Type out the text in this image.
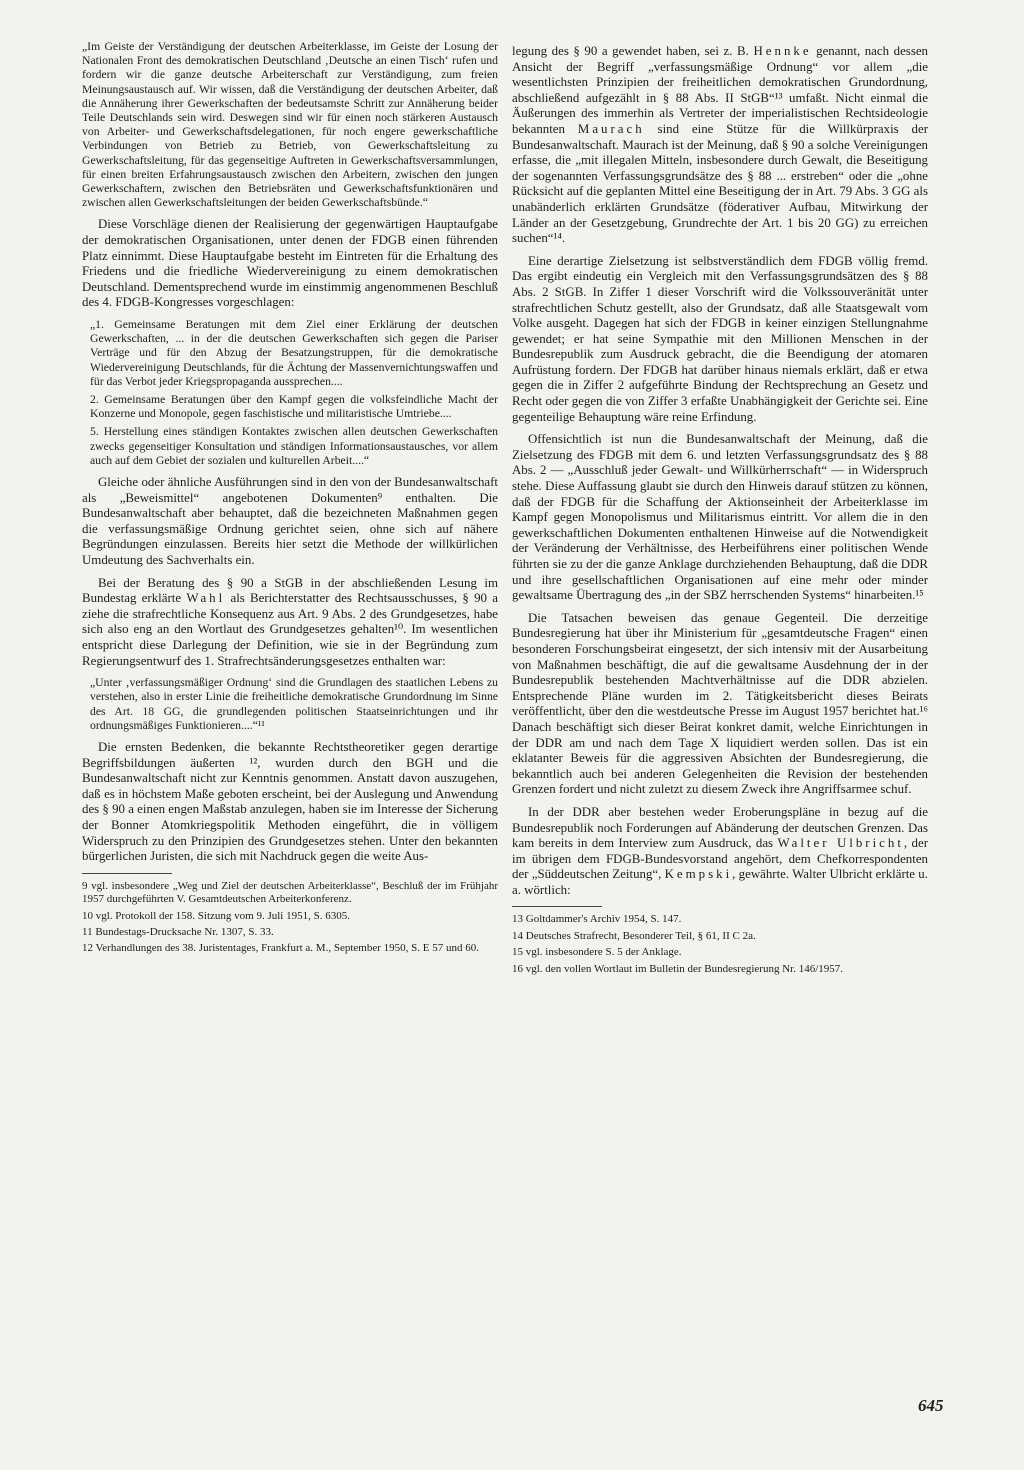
„Im Geiste der Verständigung der deutschen Arbeiterklasse, im Geiste der Losung der Nationalen Front des demokratischen Deutschland ‚Deutsche an einen Tisch‘ rufen und fordern wir die ganze deutsche Arbeiterschaft zur Verständigung, zum freien Meinungsaustausch auf. Wir wissen, daß die Verständigung der deutschen Arbeiter, daß die Annäherung ihrer Gewerkschaften der bedeutsamste Schritt zur Annäherung beider Teile Deutschlands sein wird. Deswegen sind wir für einen noch stärkeren Austausch von Arbeiter- und Gewerkschaftsdelegationen, für noch engere gewerkschaftliche Verbindungen von Betrieb zu Betrieb, von Gewerkschaftsleitung zu Gewerkschaftsleitung, für das gegenseitige Auftreten in Gewerkschaftsversammlungen, für einen breiten Erfahrungsaustausch zwischen den Arbeitern, zwischen den jungen Gewerkschaftern, zwischen den Betriebsräten und Gewerkschaftsfunktionären und zwischen allen Gewerkschaftsleitungen der beiden Gewerkschaftsbünde.“

Diese Vorschläge dienen der Realisierung der gegenwärtigen Hauptaufgabe der demokratischen Organisationen, unter denen der FDGB einen führenden Platz einnimmt. Diese Hauptaufgabe besteht im Eintreten für die Erhaltung des Friedens und die friedliche Wiedervereinigung zu einem demokratischen Deutschland. Dementsprechend wurde im einstimmig angenommenen Beschluß des 4. FDGB-Kongresses vorgeschlagen:

„1. Gemeinsame Beratungen mit dem Ziel einer Erklärung der deutschen Gewerkschaften, ... in der die deutschen Gewerkschaften sich gegen die Pariser Verträge und für den Abzug der Besatzungstruppen, für die demokratische Wiedervereinigung Deutschlands, für die Ächtung der Massenvernichtungswaffen und für das Verbot jeder Kriegspropaganda aussprechen....

2. Gemeinsame Beratungen über den Kampf gegen die volksfeindliche Macht der Konzerne und Monopole, gegen faschistische und militaristische Umtriebe....

5. Herstellung eines ständigen Kontaktes zwischen allen deutschen Gewerkschaften zwecks gegenseitiger Konsultation und ständigen Informationsaustausches, vor allem auch auf dem Gebiet der sozialen und kulturellen Arbeit....“

Gleiche oder ähnliche Ausführungen sind in den von der Bundesanwaltschaft als „Beweismittel“ angebotenen Dokumenten⁹ enthalten. Die Bundesanwaltschaft aber behauptet, daß die bezeichneten Maßnahmen gegen die verfassungsmäßige Ordnung gerichtet seien, ohne sich auf nähere Begründungen einzulassen. Bereits hier setzt die Methode der willkürlichen Umdeutung des Sachverhalts ein.

Bei der Beratung des § 90 a StGB in der abschließenden Lesung im Bundestag erklärte Wahl als Berichterstatter des Rechtsausschusses, § 90 a ziehe die strafrechtliche Konsequenz aus Art. 9 Abs. 2 des Grundgesetzes, habe sich also eng an den Wortlaut des Grundgesetzes gehalten¹⁰. Im wesentlichen entspricht diese Darlegung der Definition, wie sie in der Begründung zum Regierungsentwurf des 1. Strafrechtsänderungsgesetzes enthalten war:

„Unter ‚verfassungsmäßiger Ordnung‘ sind die Grundlagen des staatlichen Lebens zu verstehen, also in erster Linie die freiheitliche demokratische Grundordnung im Sinne des Art. 18 GG, die grundlegenden politischen Staatseinrichtungen und ihr ordnungsmäßiges Funktionieren....“¹¹

Die ernsten Bedenken, die bekannte Rechtstheoretiker gegen derartige Begriffsbildungen äußerten ¹², wurden durch den BGH und die Bundesanwaltschaft nicht zur Kenntnis genommen. Anstatt davon auszugehen, daß es in höchstem Maße geboten erscheint, bei der Auslegung und Anwendung des § 90 a einen engen Maßstab anzulegen, haben sie im Interesse der Sicherung der Bonner Atomkriegspolitik Methoden eingeführt, die in völligem Widerspruch zu den Prinzipien des Grundgesetzes stehen. Unter den bekannten bürgerlichen Juristen, die sich mit Nachdruck gegen die weite Aus-

9 vgl. insbesondere „Weg und Ziel der deutschen Arbeiterklasse“, Beschluß der im Frühjahr 1957 durchgeführten V. Gesamtdeutschen Arbeiterkonferenz.
10 vgl. Protokoll der 158. Sitzung vom 9. Juli 1951, S. 6305.
11 Bundestags-Drucksache Nr. 1307, S. 33.
12 Verhandlungen des 38. Juristentages, Frankfurt a. M., September 1950, S. E 57 und 60.

legung des § 90 a gewendet haben, sei z. B. Hennke genannt, nach dessen Ansicht der Begriff „verfassungsmäßige Ordnung“ vor allem „die wesentlichsten Prinzipien der freiheitlichen demokratischen Grundordnung, abschließend aufgezählt in § 88 Abs. II StGB“¹³ umfaßt. Nicht einmal die Äußerungen des immerhin als Vertreter der imperialistischen Rechtsideologie bekannten Maurach sind eine Stütze für die Willkürpraxis der Bundesanwaltschaft. Maurach ist der Meinung, daß § 90 a solche Vereinigungen erfasse, die „mit illegalen Mitteln, insbesondere durch Gewalt, die Beseitigung der sogenannten Verfassungsgrundsätze des § 88 ... erstreben“ oder die „ohne Rücksicht auf die geplanten Mittel eine Beseitigung der in Art. 79 Abs. 3 GG als unabänderlich erklärten Grundsätze (föderativer Aufbau, Mitwirkung der Länder an der Gesetzgebung, Grundrechte der Art. 1 bis 20 GG) zu erreichen suchen“¹⁴.

Eine derartige Zielsetzung ist selbstverständlich dem FDGB völlig fremd. Das ergibt eindeutig ein Vergleich mit den Verfassungsgrundsätzen des § 88 Abs. 2 StGB. In Ziffer 1 dieser Vorschrift wird die Volkssouveränität unter strafrechtlichen Schutz gestellt, also der Grundsatz, daß alle Staatsgewalt vom Volke ausgeht. Dagegen hat sich der FDGB in keiner einzigen Stellungnahme gewendet; er hat seine Sympathie mit den Millionen Menschen in der Bundesrepublik zum Ausdruck gebracht, die die Beendigung der atomaren Aufrüstung fordern. Der FDGB hat darüber hinaus niemals erklärt, daß er etwa gegen die in Ziffer 2 aufgeführte Bindung der Rechtsprechung an Gesetz und Recht oder gegen die von Ziffer 3 erfaßte Unabhängigkeit der Gerichte sei. Eine gegenteilige Behauptung wäre reine Erfindung.

Offensichtlich ist nun die Bundesanwaltschaft der Meinung, daß die Zielsetzung des FDGB mit dem 6. und letzten Verfassungsgrundsatz des § 88 Abs. 2 — „Ausschluß jeder Gewalt- und Willkürherrschaft“ — in Widerspruch stehe. Diese Auffassung glaubt sie durch den Hinweis darauf stützen zu können, daß der FDGB für die Schaffung der Aktionseinheit der Arbeiterklasse im Kampf gegen Monopolismus und Militarismus eintritt. Vor allem die in den gewerkschaftlichen Dokumenten enthaltenen Hinweise auf die Notwendigkeit der Veränderung der Verhältnisse, des Herbeiführens einer politischen Wende führten sie zu der die ganze Anklage durchziehenden Behauptung, daß die DDR und ihre gesellschaftlichen Organisationen auf eine mehr oder minder gewaltsame Übertragung des „in der SBZ herrschenden Systems“ hinarbeiten.¹⁵

Die Tatsachen beweisen das genaue Gegenteil. Die derzeitige Bundesregierung hat über ihr Ministerium für „gesamtdeutsche Fragen“ einen besonderen Forschungsbeirat eingesetzt, der sich intensiv mit der Ausarbeitung von Maßnahmen beschäftigt, die auf die gewaltsame Ausdehnung der in der Bundesrepublik bestehenden Machtverhältnisse auf die DDR abzielen. Entsprechende Pläne wurden im 2. Tätigkeitsbericht dieses Beirats veröffentlicht, über den die westdeutsche Presse im August 1957 berichtet hat.¹⁶ Danach beschäftigt sich dieser Beirat konkret damit, welche Einrichtungen in der DDR am und nach dem Tage X liquidiert werden sollen. Das ist ein eklatanter Beweis für die aggressiven Absichten der Bundesregierung, die bekanntlich auch bei anderen Gelegenheiten die Revision der bestehenden Grenzen fordert und nicht zuletzt zu diesem Zweck ihre Angriffsarmee schuf.

In der DDR aber bestehen weder Eroberungspläne in bezug auf die Bundesrepublik noch Forderungen auf Abänderung der deutschen Grenzen. Das kam bereits in dem Interview zum Ausdruck, das Walter Ulbricht, der im übrigen dem FDGB-Bundesvorstand angehört, dem Chefkorrespondenten der „Süddeutschen Zeitung“, Kempski, gewährte. Walter Ulbricht erklärte u. a. wörtlich:

13 Goltdammer's Archiv 1954, S. 147.
14 Deutsches Strafrecht, Besonderer Teil, § 61, II C 2a.
15 vgl. insbesondere S. 5 der Anklage.
16 vgl. den vollen Wortlaut im Bulletin der Bundesregierung Nr. 146/1957.
645
